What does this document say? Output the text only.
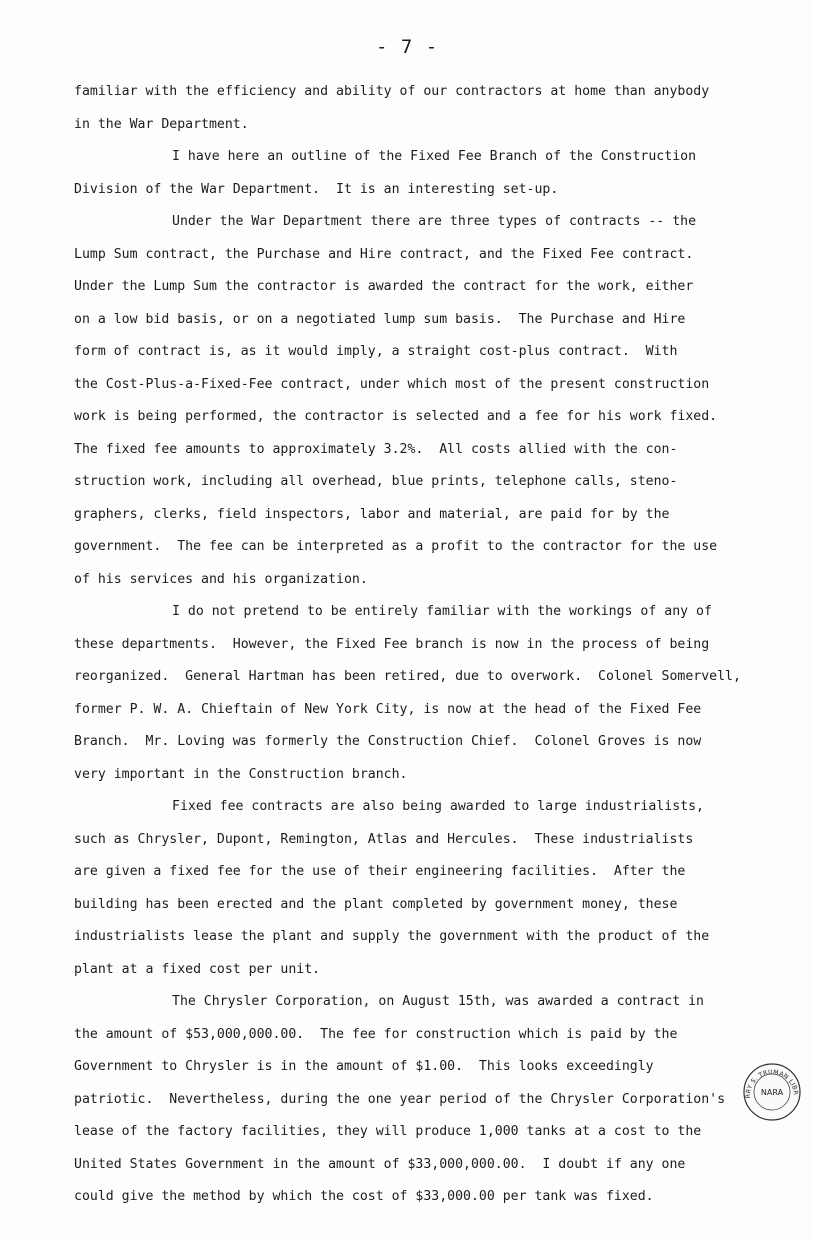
- 7 -
familiar with the efficiency and ability of our contractors at home than anybody
in the War Department.
I have here an outline of the Fixed Fee Branch of the Construction
Division of the War Department.  It is an interesting set-up.
Under the War Department there are three types of contracts -- the
Lump Sum contract, the Purchase and Hire contract, and the Fixed Fee contract.
Under the Lump Sum the contractor is awarded the contract for the work, either
on a low bid basis, or on a negotiated lump sum basis.  The Purchase and Hire
form of contract is, as it would imply, a straight cost-plus contract.  With
the Cost-Plus-a-Fixed-Fee contract, under which most of the present construction
work is being performed, the contractor is selected and a fee for his work fixed.
The fixed fee amounts to approximately 3.2%.  All costs allied with the con-
struction work, including all overhead, blue prints, telephone calls, steno-
graphers, clerks, field inspectors, labor and material, are paid for by the
government.  The fee can be interpreted as a profit to the contractor for the use
of his services and his organization.
I do not pretend to be entirely familiar with the workings of any of
these departments.  However, the Fixed Fee branch is now in the process of being
reorganized.  General Hartman has been retired, due to overwork.  Colonel Somervell,
former P. W. A. Chieftain of New York City, is now at the head of the Fixed Fee
Branch.  Mr. Loving was formerly the Construction Chief.  Colonel Groves is now
very important in the Construction branch.
Fixed fee contracts are also being awarded to large industrialists,
such as Chrysler, Dupont, Remington, Atlas and Hercules.  These industrialists
are given a fixed fee for the use of their engineering facilities.  After the
building has been erected and the plant completed by government money, these
industrialists lease the plant and supply the government with the product of the
plant at a fixed cost per unit.
The Chrysler Corporation, on August 15th, was awarded a contract in
the amount of $53,000,000.00.  The fee for construction which is paid by the
Government to Chrysler is in the amount of $1.00.  This looks exceedingly
patriotic.  Nevertheless, during the one year period of the Chrysler Corporation's
lease of the factory facilities, they will produce 1,000 tanks at a cost to the
United States Government in the amount of $33,000,000.00.  I doubt if any one
could give the method by which the cost of $33,000.00 per tank was fixed.
RRY S. TRUMAN LIBR
NARA
